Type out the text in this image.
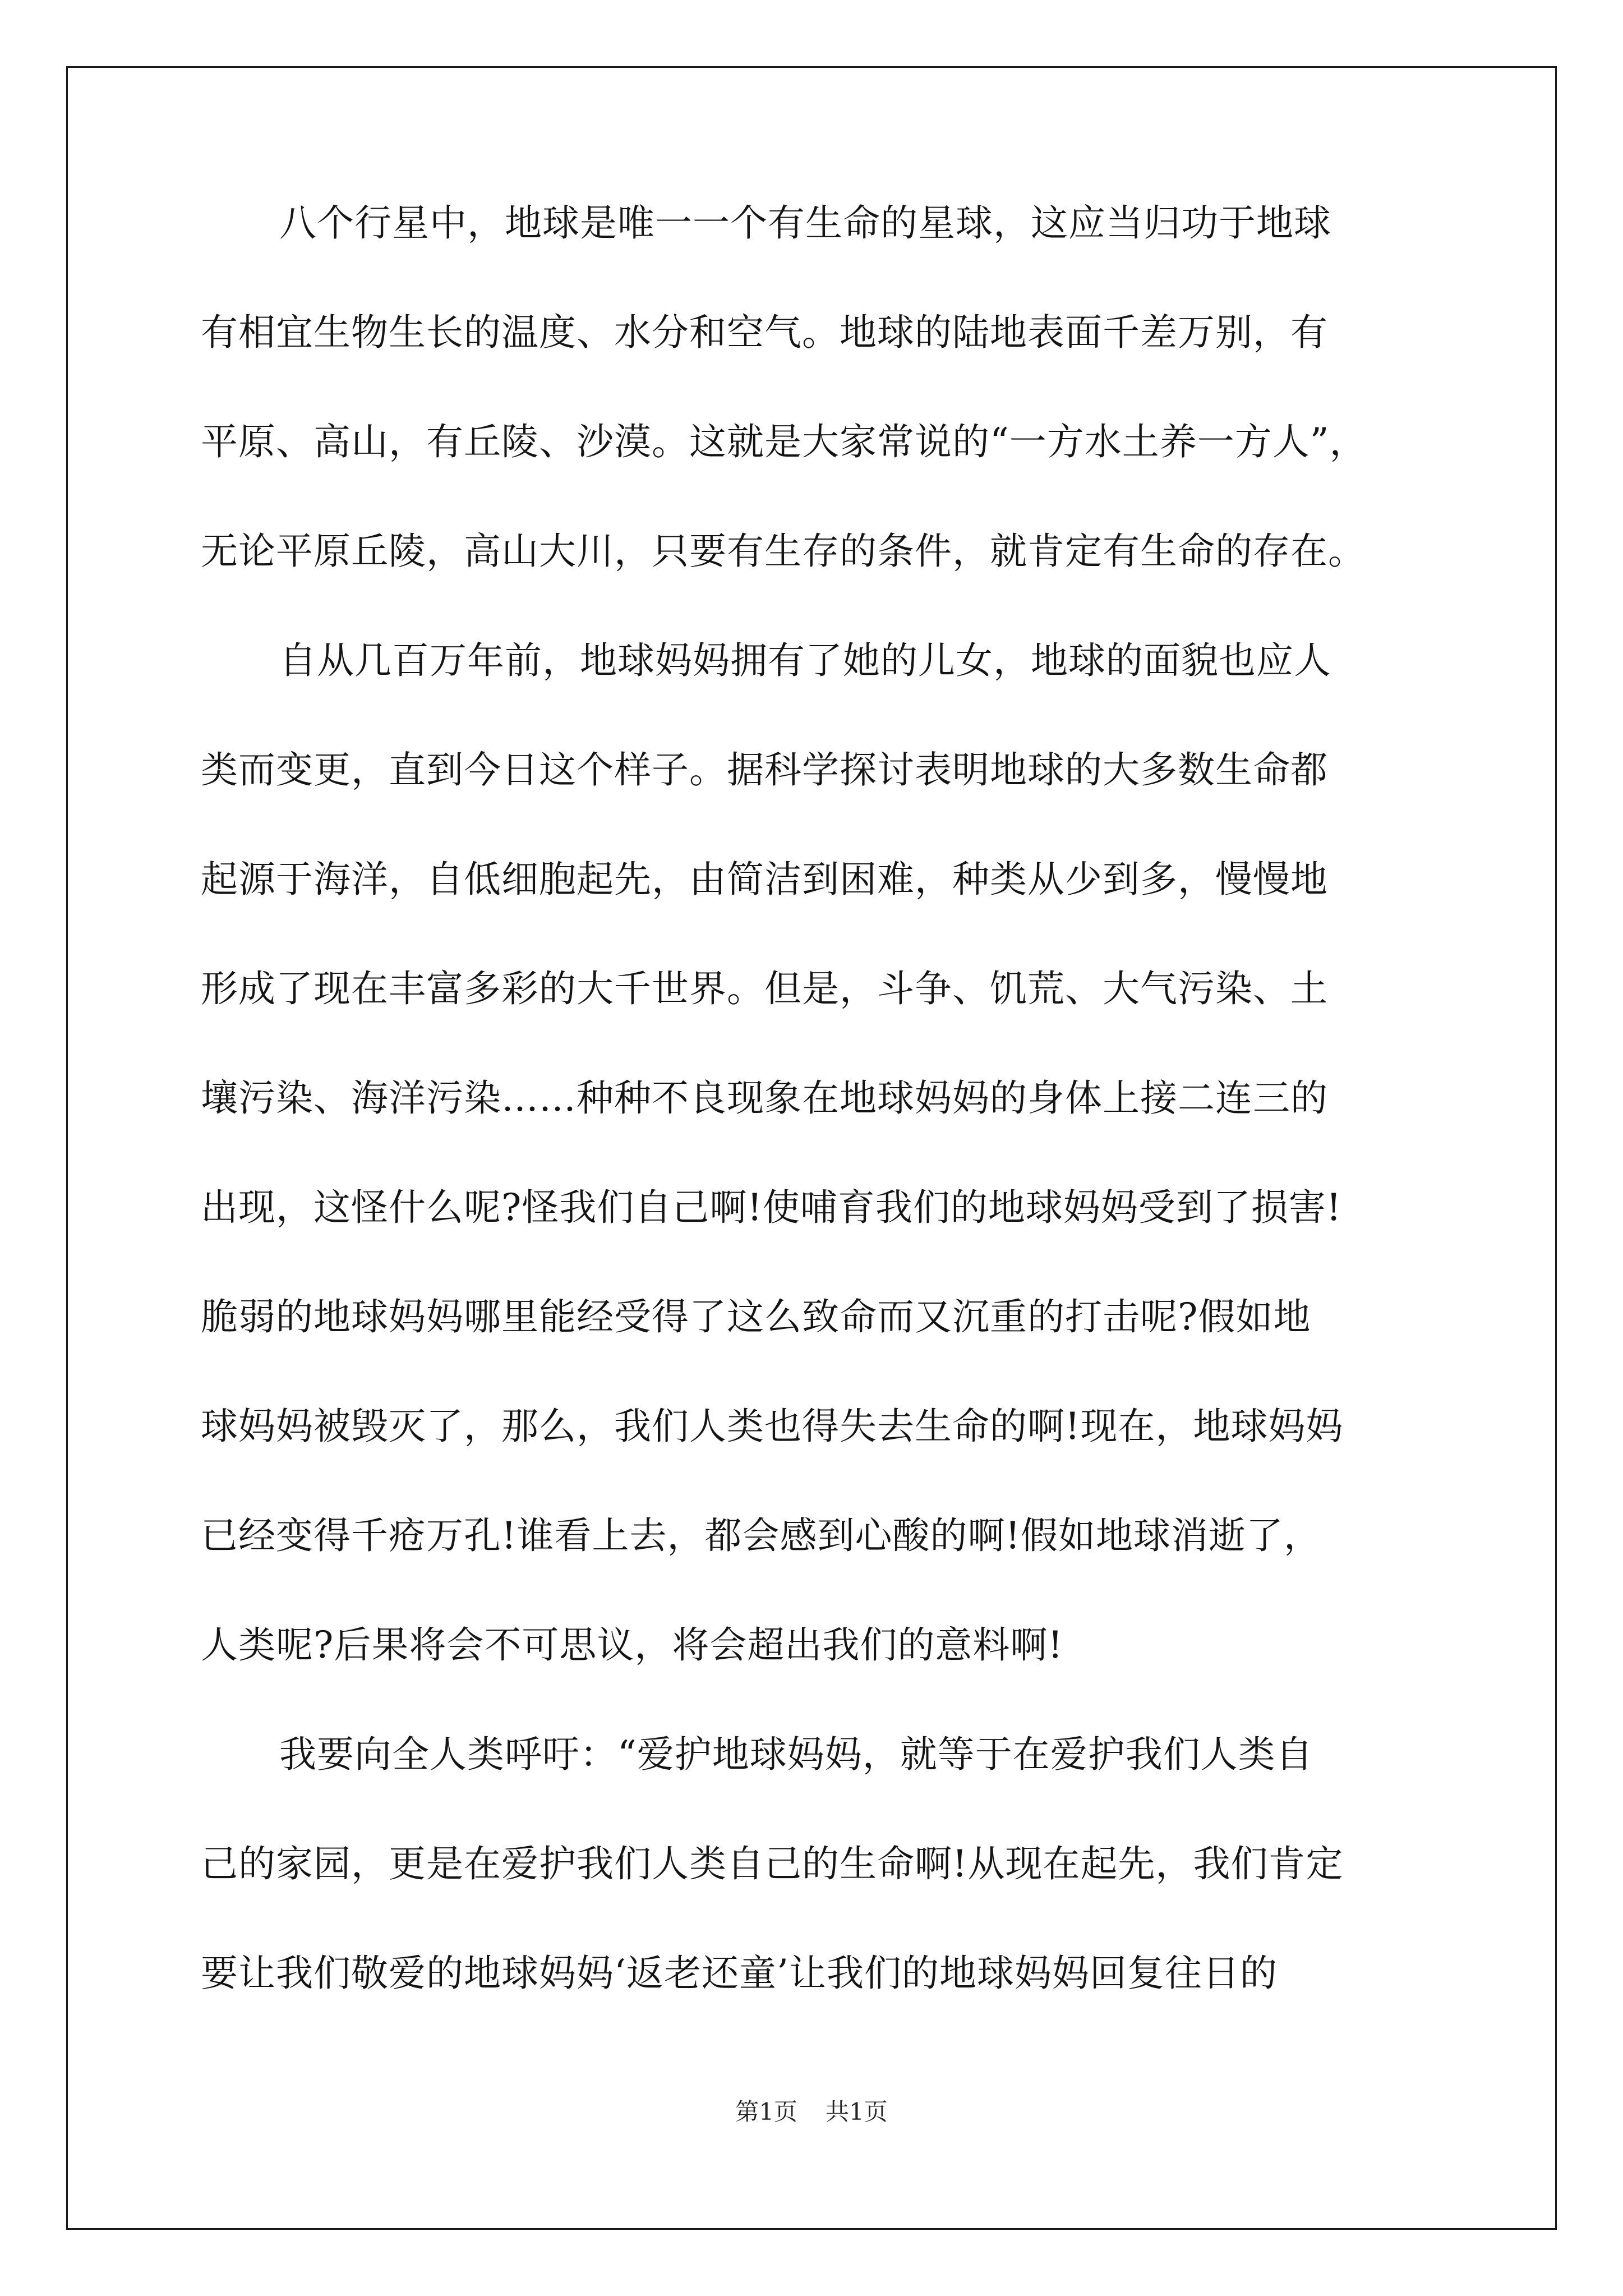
八个行星中，地球是唯一一个有生命的星球，这应当归功于地球
有相宜生物生长的温度、水分和空气。地球的陆地表面千差万别，有
平原、高山，有丘陵、沙漠。这就是大家常说的“一方水土养一方人”，
无论平原丘陵，高山大川，只要有生存的条件，就肯定有生命的存在。
自从几百万年前，地球妈妈拥有了她的儿女，地球的面貌也应人
类而变更，直到今日这个样子。据科学探讨表明地球的大多数生命都
起源于海洋，自低细胞起先，由简洁到困难，种类从少到多，慢慢地
形成了现在丰富多彩的大千世界。但是，斗争、饥荒、大气污染、土
壤污染、海洋污染……种种不良现象在地球妈妈的身体上接二连三的
出现，这怪什么呢?怪我们自己啊!使哺育我们的地球妈妈受到了损害!
脆弱的地球妈妈哪里能经受得了这么致命而又沉重的打击呢?假如地
球妈妈被毁灭了，那么，我们人类也得失去生命的啊!现在，地球妈妈
已经变得千疮万孔!谁看上去，都会感到心酸的啊!假如地球消逝了，
人类呢?后果将会不可思议，将会超出我们的意料啊!
我要向全人类呼吁：“爱护地球妈妈，就等于在爱护我们人类自
己的家园，更是在爱护我们人类自己的生命啊!从现在起先，我们肯定
要让我们敬爱的地球妈妈‘返老还童’让我们的地球妈妈回复往日的
第1页 共1页
